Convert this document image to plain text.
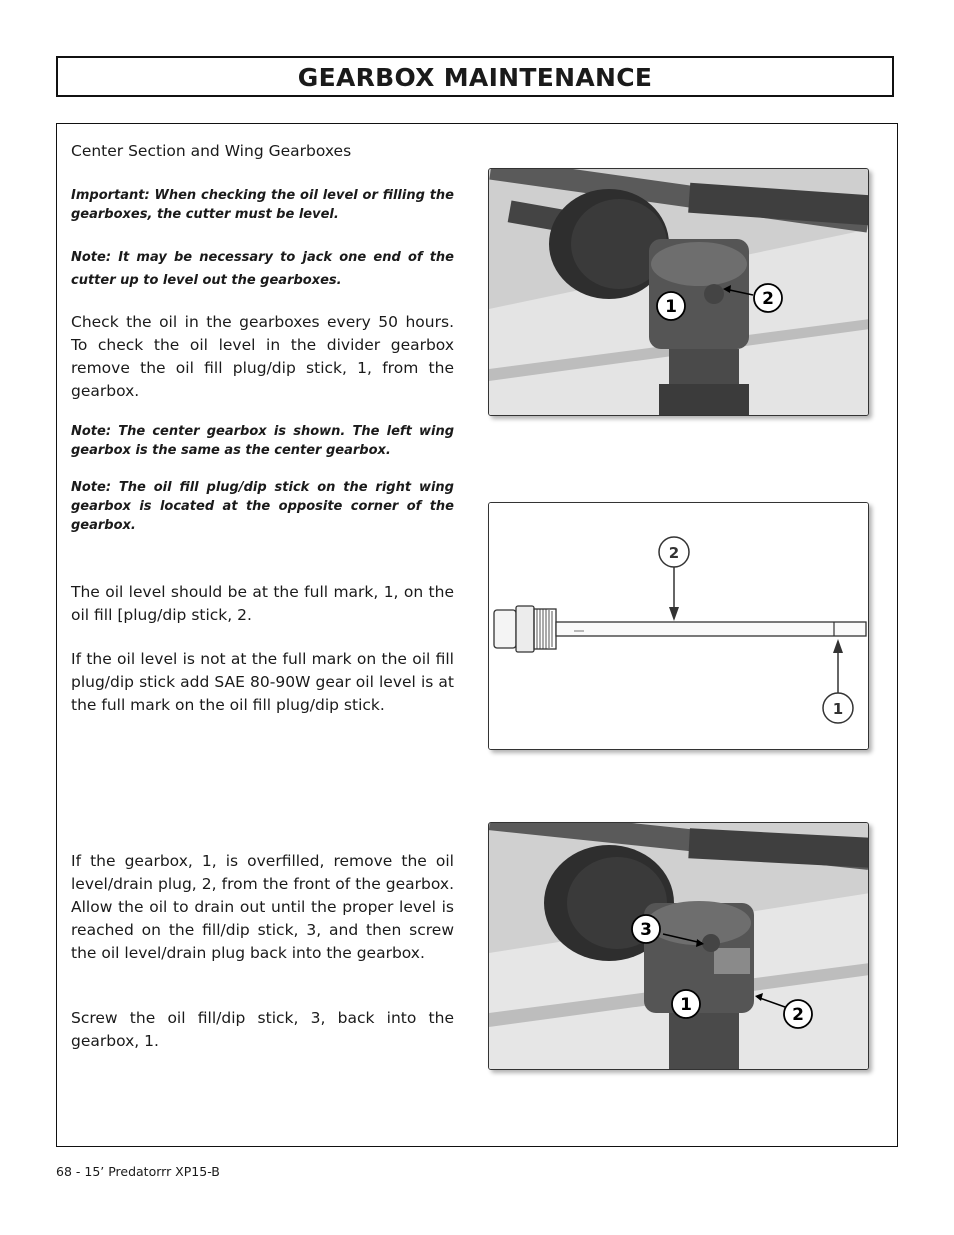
GEARBOX MAINTENANCE
Center Section and Wing Gearboxes
Important: When checking the oil level or filling the gearboxes, the cutter must be level.
Note: It may be necessary to jack one end of the cutter up to level out the gearboxes.
Check the oil in the gearboxes every 50 hours. To check the oil level in the divider gearbox remove the oil fill plug/dip stick, 1, from the gearbox.
Note: The center gearbox is shown. The left wing gearbox is the same as the center gearbox.
Note: The oil fill plug/dip stick on the right wing gearbox is located at the opposite corner of the gearbox.
The oil level should be at the full mark, 1, on the oil fill [plug/dip stick, 2.
If the oil level is not at the full mark on the oil fill plug/dip stick add SAE 80-90W gear oil level is at the full mark on the oil fill plug/dip stick.
If the gearbox, 1, is overfilled, remove the oil level/drain plug, 2, from the front of the gearbox. Allow the oil to drain out until the proper level is reached on the fill/dip stick, 3, and then screw the oil level/drain plug back into the gearbox.
Screw the oil fill/dip stick, 3, back into the gearbox, 1.
1	2
2
1
3
1	2
68 - 15’ Predatorrr XP15-B
